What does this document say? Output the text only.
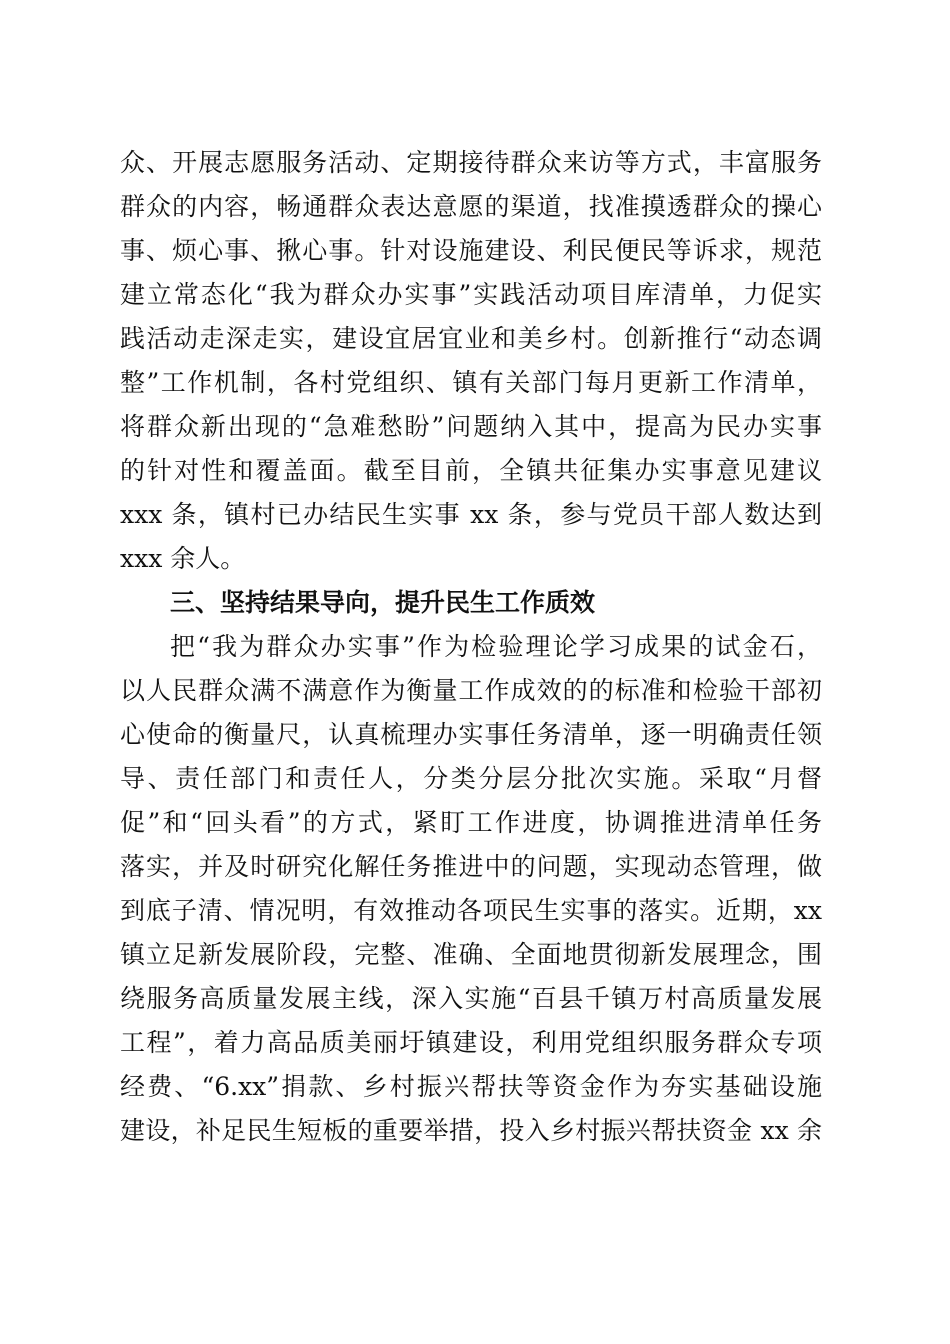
众、开展志愿服务活动、定期接待群众来访等方式，丰富服务
群众的内容，畅通群众表达意愿的渠道，找准摸透群众的操心
事、烦心事、揪心事。针对设施建设、利民便民等诉求，规范
建立常态化“我为群众办实事”实践活动项目库清单，力促实
践活动走深走实，建设宜居宜业和美乡村。创新推行“动态调
整”工作机制，各村党组织、镇有关部门每月更新工作清单，
将群众新出现的“急难愁盼”问题纳入其中，提高为民办实事
的针对性和覆盖面。截至目前，全镇共征集办实事意见建议
xxx 条，镇村已办结民生实事 xx 条，参与党员干部人数达到
xxx 余人。
三、坚持结果导向，提升民生工作质效
把“我为群众办实事”作为检验理论学习成果的试金石，
以人民群众满不满意作为衡量工作成效的的标准和检验干部初
心使命的衡量尺，认真梳理办实事任务清单，逐一明确责任领
导、责任部门和责任人，分类分层分批次实施。采取“月督
促”和“回头看”的方式，紧盯工作进度，协调推进清单任务
落实，并及时研究化解任务推进中的问题，实现动态管理，做
到底子清、情况明，有效推动各项民生实事的落实。近期，xx
镇立足新发展阶段，完整、准确、全面地贯彻新发展理念，围
绕服务高质量发展主线，深入实施“百县千镇万村高质量发展
工程”，着力高品质美丽圩镇建设，利用党组织服务群众专项
经费、“6.xx”捐款、乡村振兴帮扶等资金作为夯实基础设施
建设，补足民生短板的重要举措，投入乡村振兴帮扶资金 xx 余
